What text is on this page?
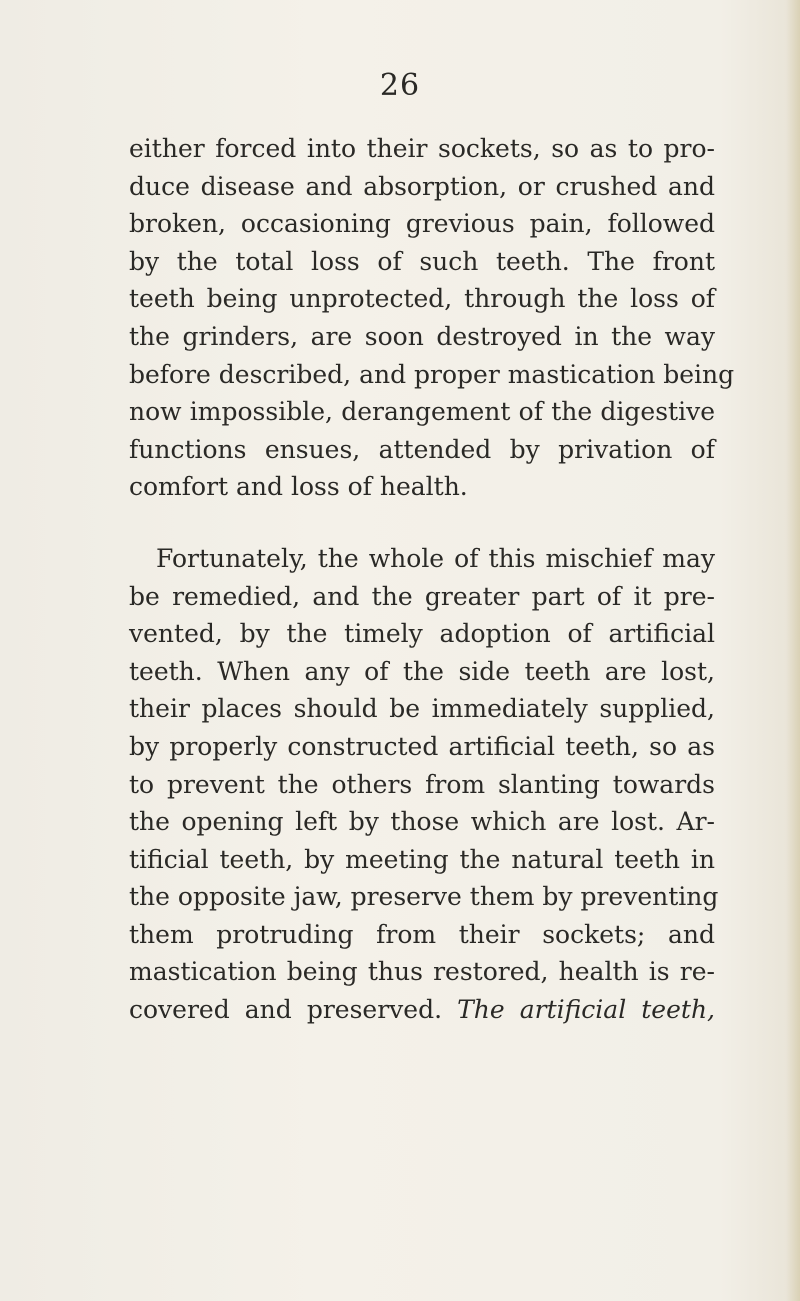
26
either forced into their sockets, so as to pro-
duce disease and absorption, or crushed and
broken, occasioning grevious pain, followed
by the total loss of such teeth. The front
teeth being unprotected, through the loss of
the grinders, are soon destroyed in the way
before described, and proper mastication being
now impossible, derangement of the digestive
functions ensues, attended by privation of
comfort and loss of health.
Fortunately, the whole of this mischief may
be remedied, and the greater part of it pre-
vented, by the timely adoption of artificial
teeth. When any of the side teeth are lost,
their places should be immediately supplied,
by properly constructed artificial teeth, so as
to prevent the others from slanting towards
the opening left by those which are lost. Ar-
tificial teeth, by meeting the natural teeth in
the opposite jaw, preserve them by preventing
them protruding from their sockets; and
mastication being thus restored, health is re-
covered and preserved. The artificial teeth,
